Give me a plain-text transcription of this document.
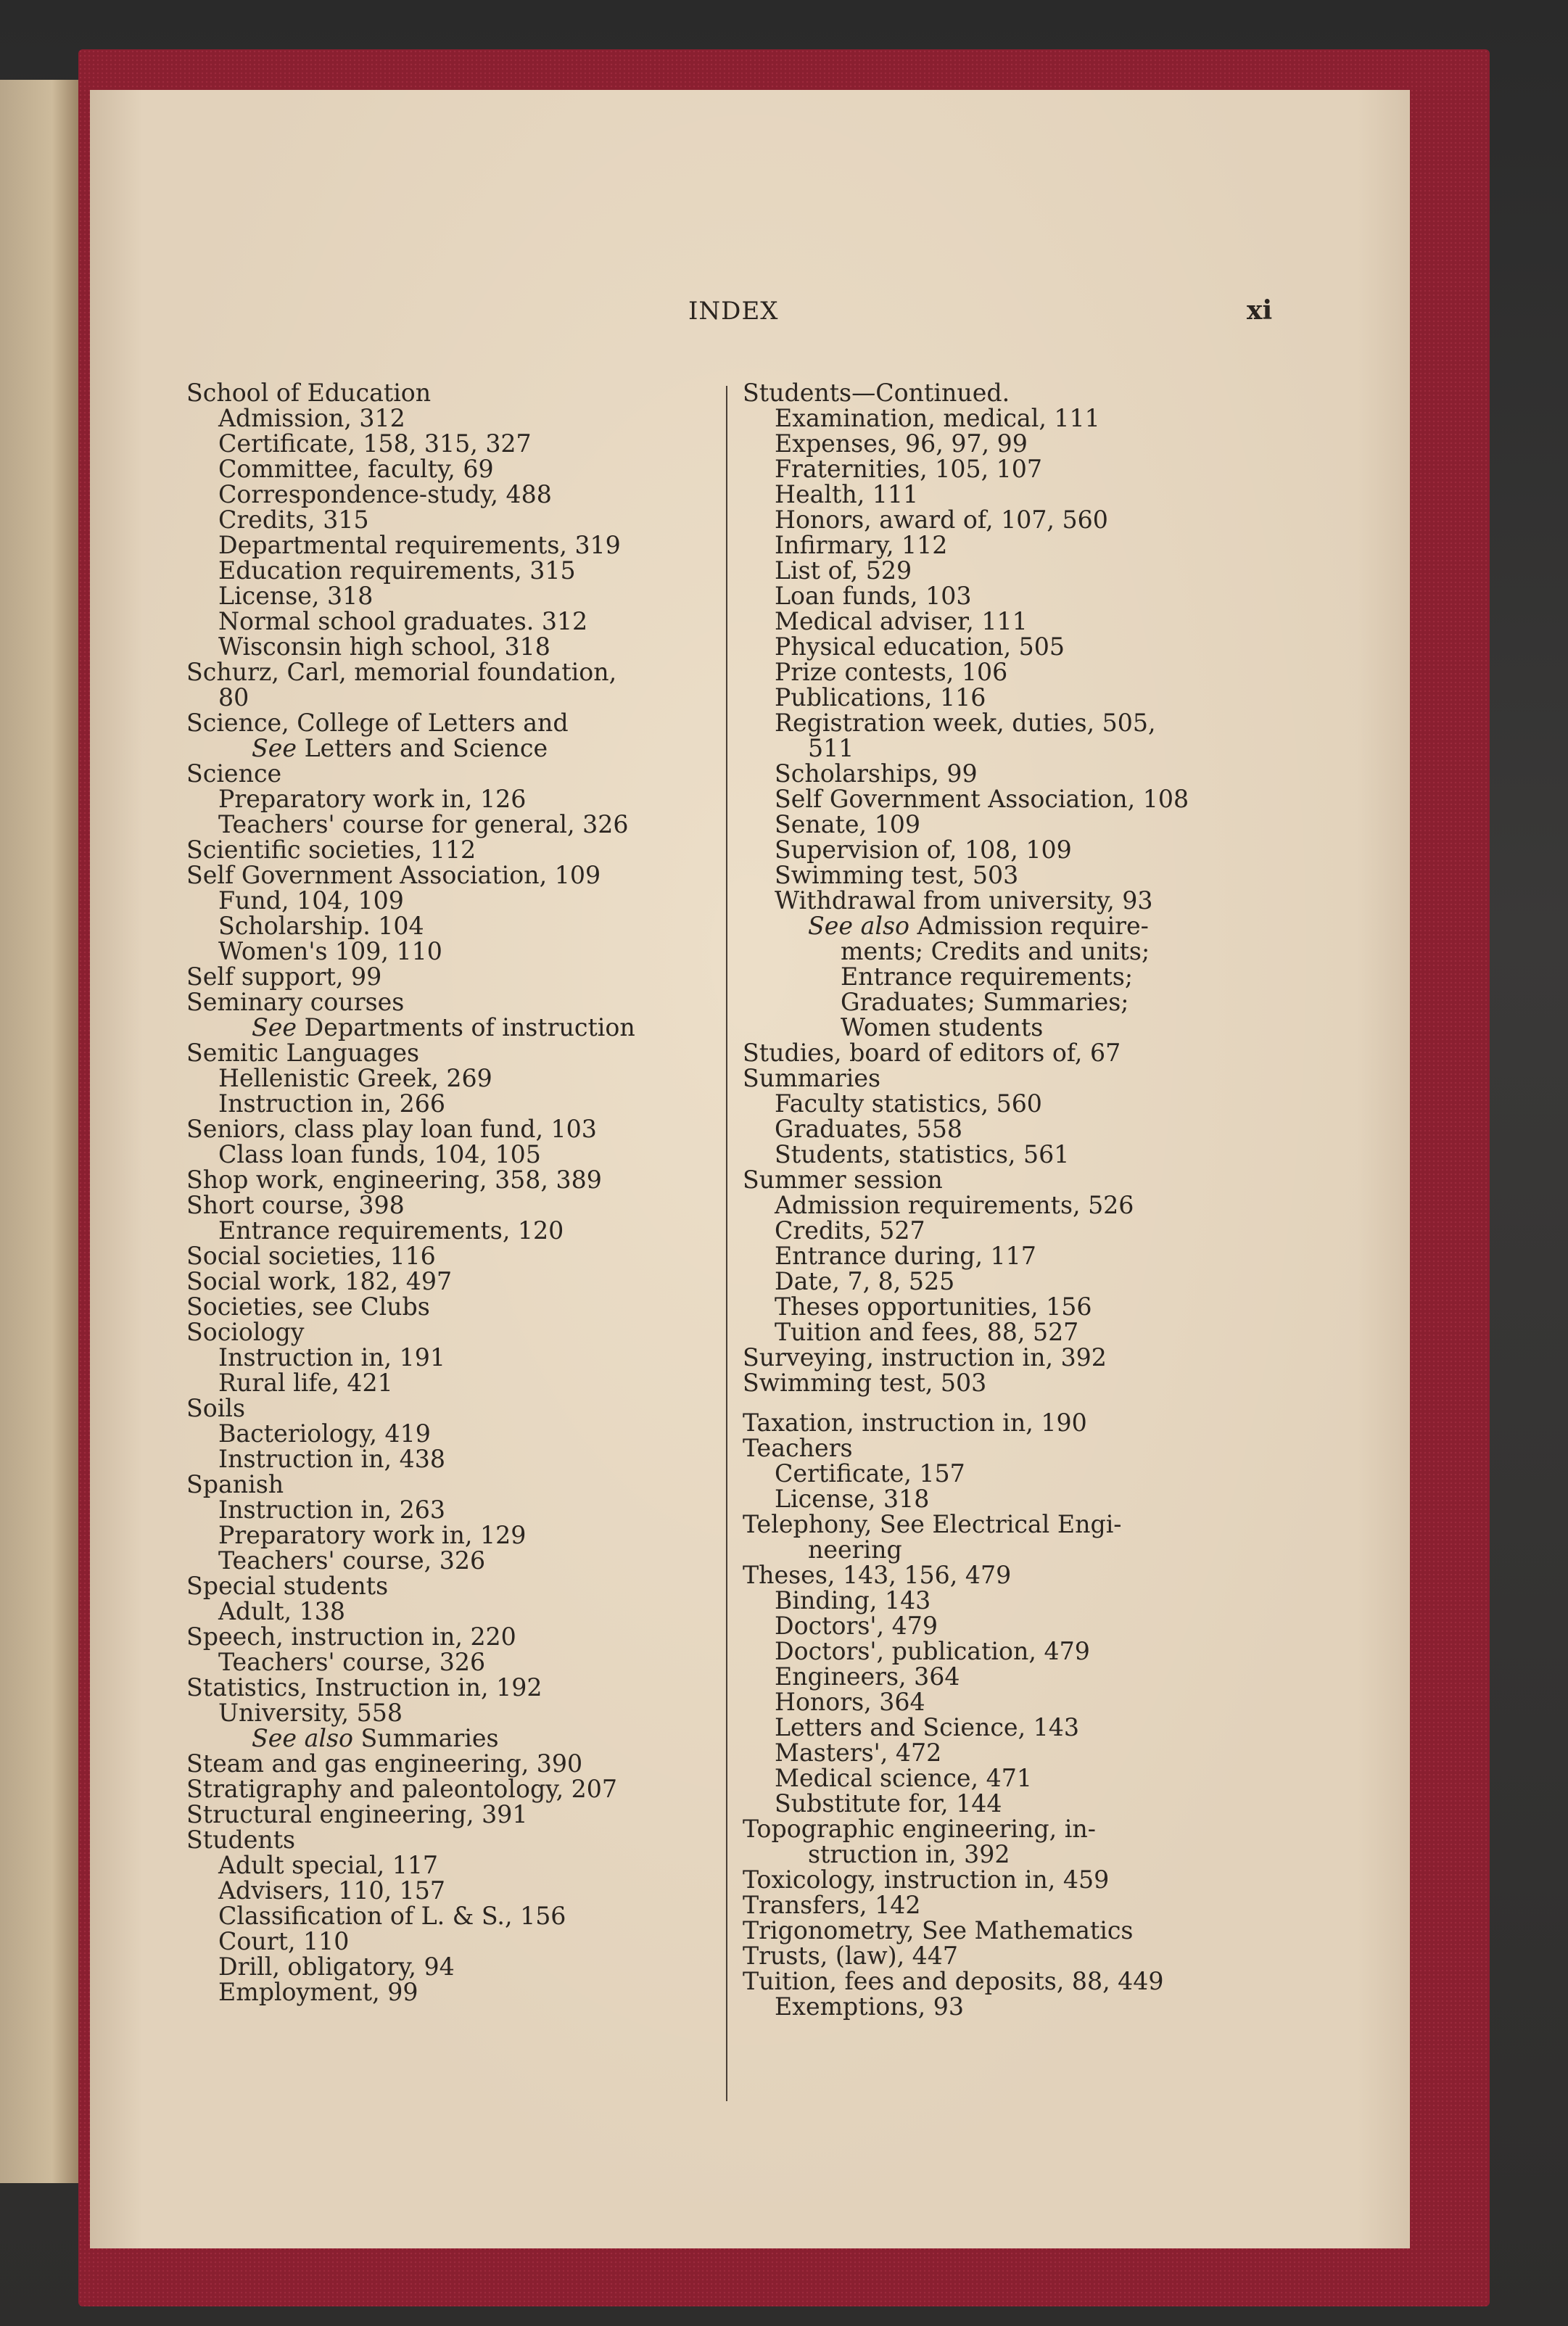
INDEX	xi
School of Education
Admission, 312
Certificate, 158, 315, 327
Committee, faculty, 69
Correspondence-study, 488
Credits, 315
Departmental requirements, 319
Education requirements, 315
License, 318
Normal school graduates. 312
Wisconsin high school, 318
Schurz, Carl, memorial foundation,
80
Science, College of Letters and
See Letters and Science
Science
Preparatory work in, 126
Teachers' course for general, 326
Scientific societies, 112
Self Government Association, 109
Fund, 104, 109
Scholarship. 104
Women's 109, 110
Self support, 99
Seminary courses
See Departments of instruction
Semitic Languages
Hellenistic Greek, 269
Instruction in, 266
Seniors, class play loan fund, 103
Class loan funds, 104, 105
Shop work, engineering, 358, 389
Short course, 398
Entrance requirements, 120
Social societies, 116
Social work, 182, 497
Societies, see Clubs
Sociology
Instruction in, 191
Rural life, 421
Soils
Bacteriology, 419
Instruction in, 438
Spanish
Instruction in, 263
Preparatory work in, 129
Teachers' course, 326
Special students
Adult, 138
Speech, instruction in, 220
Teachers' course, 326
Statistics, Instruction in, 192
University, 558
See also Summaries
Steam and gas engineering, 390
Stratigraphy and paleontology, 207
Structural engineering, 391
Students
Adult special, 117
Advisers, 110, 157
Classification of L. & S., 156
Court, 110
Drill, obligatory, 94
Employment, 99
Students—Continued.
Examination, medical, 111
Expenses, 96, 97, 99
Fraternities, 105, 107
Health, 111
Honors, award of, 107, 560
Infirmary, 112
List of, 529
Loan funds, 103
Medical adviser, 111
Physical education, 505
Prize contests, 106
Publications, 116
Registration week, duties, 505,
511
Scholarships, 99
Self Government Association, 108
Senate, 109
Supervision of, 108, 109
Swimming test, 503
Withdrawal from university, 93
See also Admission require-
ments; Credits and units;
Entrance requirements;
Graduates; Summaries;
Women students
Studies, board of editors of, 67
Summaries
Faculty statistics, 560
Graduates, 558
Students, statistics, 561
Summer session
Admission requirements, 526
Credits, 527
Entrance during, 117
Date, 7, 8, 525
Theses opportunities, 156
Tuition and fees, 88, 527
Surveying, instruction in, 392
Swimming test, 503
Taxation, instruction in, 190
Teachers
Certificate, 157
License, 318
Telephony, See Electrical Engi-
neering
Theses, 143, 156, 479
Binding, 143
Doctors', 479
Doctors', publication, 479
Engineers, 364
Honors, 364
Letters and Science, 143
Masters', 472
Medical science, 471
Substitute for, 144
Topographic engineering, in-
struction in, 392
Toxicology, instruction in, 459
Transfers, 142
Trigonometry, See Mathematics
Trusts, (law), 447
Tuition, fees and deposits, 88, 449
Exemptions, 93
